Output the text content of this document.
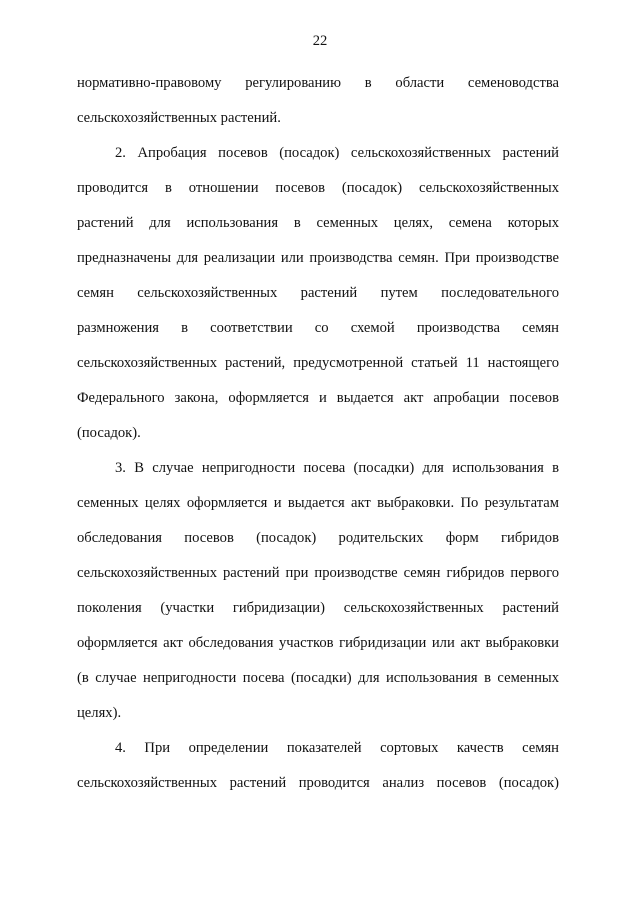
22
нормативно-правовому регулированию в области семеноводства
сельскохозяйственных растений.
2. Апробация посевов (посадок) сельскохозяйственных растений
проводится в отношении посевов (посадок) сельскохозяйственных
растений для использования в семенных целях, семена которых
предназначены для реализации или производства семян. При производстве
семян сельскохозяйственных растений путем последовательного
размножения в соответствии со схемой производства семян
сельскохозяйственных растений, предусмотренной статьей 11 настоящего
Федерального закона, оформляется и выдается акт апробации посевов
(посадок).
3. В случае непригодности посева (посадки) для использования в
семенных целях оформляется и выдается акт выбраковки. По результатам
обследования посевов (посадок) родительских форм гибридов
сельскохозяйственных растений при производстве семян гибридов первого
поколения (участки гибридизации) сельскохозяйственных растений
оформляется акт обследования участков гибридизации или акт выбраковки
(в случае непригодности посева (посадки) для использования в семенных
целях).
4. При определении показателей сортовых качеств семян
сельскохозяйственных растений проводится анализ посевов (посадок)
